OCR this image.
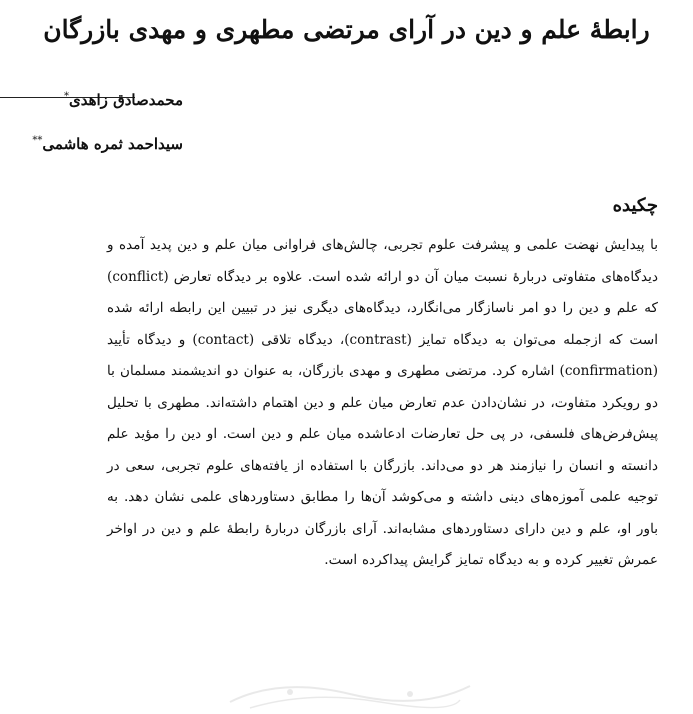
رابطهٔ علم و دین در آرای مرتضی مطهری و مهدی بازرگان
محمدصادق زاهدی*
سیداحمد ثمره هاشمی**
چکیده

با پیدایش نهضت علمی و پیشرفت علوم تجربی، چالش‌های فراوانی میان علم و دین پدید آمده و دیدگاه‌های متفاوتی دربارهٔ نسبت میان آن دو ارائه شده است. علاوه بر دیدگاه تعارض (conflict) که علم و دین را دو امر ناسازگار می‌انگارد، دیدگاه‌های دیگری نیز در تبیین این رابطه ارائه شده است که ازجمله می‌توان به دیدگاه تمایز (contrast)، دیدگاه تلاقی (contact) و دیدگاه تأیید (confirmation) اشاره کرد. مرتضی مطهری و مهدی بازرگان، به عنوان دو اندیشمند مسلمان با دو رویکرد متفاوت، در نشان‌دادن عدم تعارض میان علم و دین اهتمام داشته‌اند. مطهری با تحلیل پیش‌فرض‌های فلسفی، در پی حل تعارضات ادعاشده میان علم و دین است. او دین را مؤید علم دانسته و انسان را نیازمند هر دو می‌داند. بازرگان با استفاده از یافته‌های علوم تجربی، سعی در توجیه علمی آموزه‌های دینی داشته و می‌کوشد آن‌ها را مطابق دستاوردهای علمی نشان دهد. به باور او، علم و دین دارای دستاوردهای مشابه‌اند. آرای بازرگان دربارهٔ رابطهٔ علم و دین در اواخر عمرش تغییر کرده و به دیدگاه تمایز گرایش پیداکرده است.
